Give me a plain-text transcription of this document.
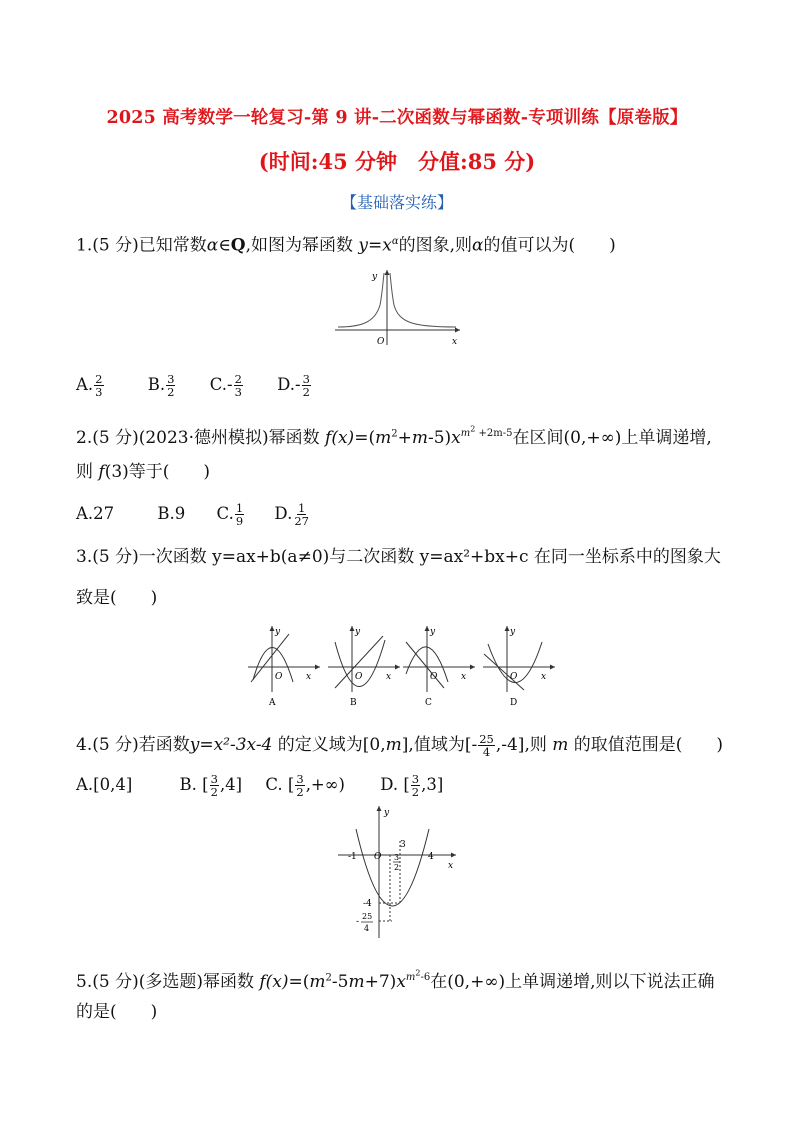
2025 高考数学一轮复习-第 9 讲-二次函数与幂函数-专项训练【原卷版】
(时间:45 分钟　分值:85 分)
【基础落实练】
1.(5 分)已知常数α∈Q,如图为幂函数 $y=x^\alpha$的图象,则α的值可以为(　　)
y
x
O
A. $\frac{2}{3}$	B. $\frac{3}{2} C.- \frac{2}{3} D.- \frac{3}{2}$
2.(5 分)(2023·德州模拟)幂函数 $f(x)=(m^2+m-5)x^{m^2 +2m-5}$在区间(0,+∞)上单调递增,
则 f(3)等于(　　)
A.27	B.9 C. $\frac{1}{9} D$. $\frac{1}{27}$
3.(5 分)一次函数 y=ax+b(a≠0)与二次函数 y=ax²+bx+c 在同一坐标系中的图象大
致是(　　)
y
x
O
A
y
x
O
B
y
x
O
C
y
x
O
D
4.(5 分)若函数y=x²-3x-4 的定义域为[0,m],值域为[- $\frac{25}{4} ,-4$],则 m 的取值范围是(　　)
A.[0,4]	B. [ $\frac{3}{2} ,4$] C. [ $\frac{3}{2}$ ,+∞) D. [ $\frac{3}{2} ,3$]
y
x
O
-1
3
4
3
2
-4
-
25
4
5.(5 分)(多选题)幂函数 $f(x)=(m^2-5m+7)x^{m^2-6}$在(0,+∞)上单调递增,则以下说法正确
的是(　　)
